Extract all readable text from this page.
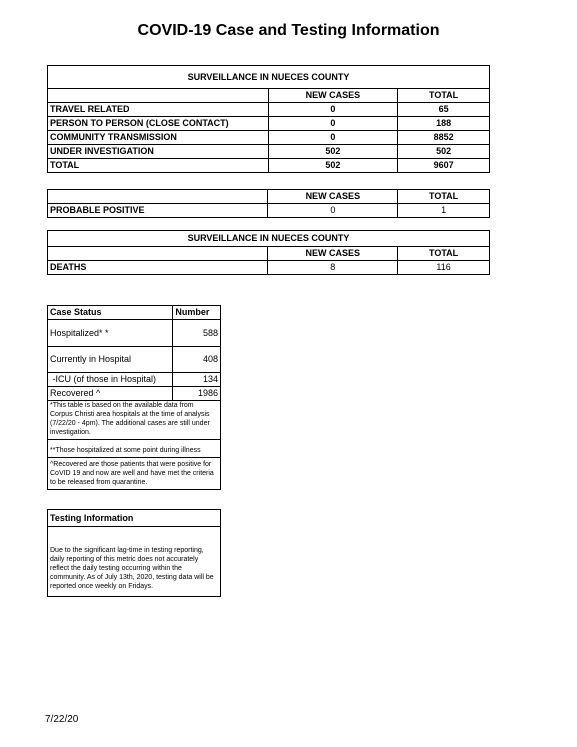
COVID-19 Case and Testing Information
SURVEILLANCE IN NUECES COUNTY		
	NEW CASES	TOTAL
TRAVEL RELATED	0	65
PERSON TO PERSON (CLOSE CONTACT)	0	188
COMMUNITY TRANSMISSION	0	8852
UNDER INVESTIGATION	502	502
TOTAL	502	9607
	NEW CASES	TOTAL
PROBABLE POSITIVE	0	1
SURVEILLANCE IN NUECES COUNTY		
	NEW CASES	TOTAL
DEATHS	8	116
Case Status	Number
Hospitalized* *	588
Currently in Hospital	408
-ICU (of those in Hospital)	134
Recovered ^	1986
*This table is based on the available data from Corpus Christi area hospitals at the time of analysis (7/22/20 - 4pm). The additional cases are still under investigation.
**Those hospitalized at some point during illness
^Recovered are those patients that were positive for CoVID 19 and now are well and have met the criteria to be released from quarantine.
Testing Information
Due to the significant lag-time in testing reporting, daily reporting of this metric does not accurately reflect the daily testing occurring within the community. As of July 13th, 2020, testing data will be reported once weekly on Fridays.
7/22/20
